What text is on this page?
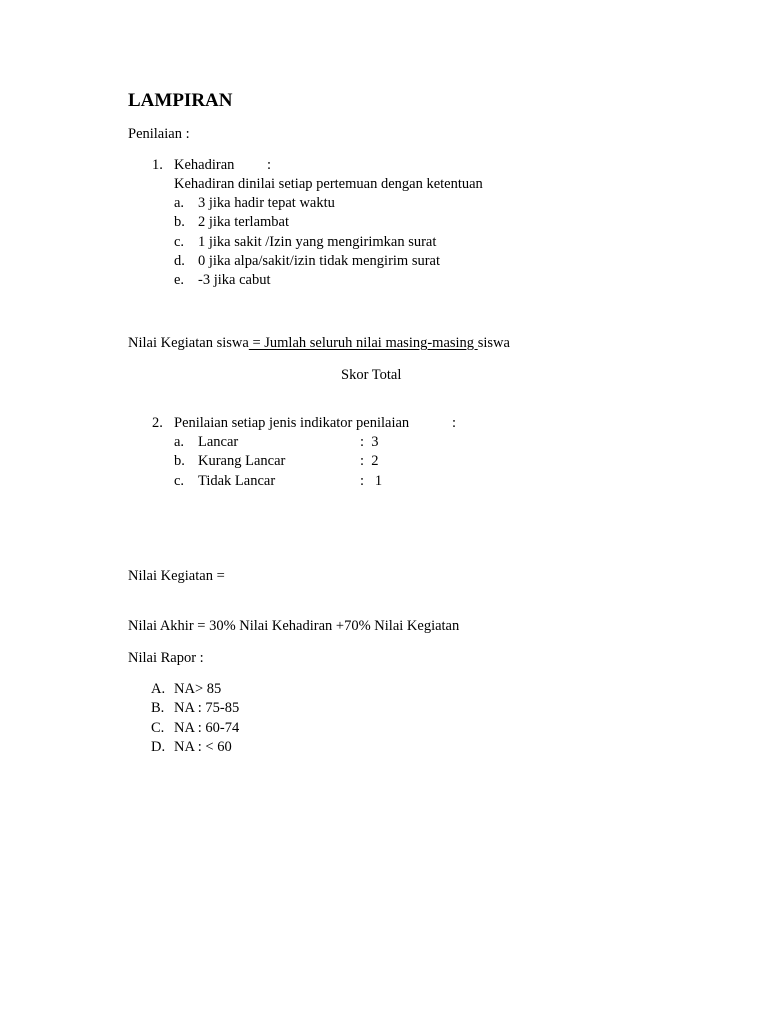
LAMPIRAN
Penilaian :
1. Kehadiran :
Kehadiran dinilai setiap pertemuan dengan ketentuan
a. 3 jika hadir tepat waktu
b. 2 jika terlambat
c. 1 jika sakit /Izin yang mengirimkan surat
d. 0 jika alpa/sakit/izin tidak mengirim surat
e. -3 jika cabut
Nilai Kegiatan siswa = Jumlah seluruh nilai masing-masing siswa
Skor Total
2. Penilaian setiap jenis indikator penilaian	:
a. Lancar	:  3
b. Kurang Lancar	:  2
c. Tidak Lancar	:   1
Nilai Kegiatan =
Nilai Akhir = 30% Nilai Kehadiran +70% Nilai Kegiatan
Nilai Rapor :
A. NA> 85
B. NA : 75-85
C. NA : 60-74
D. NA : < 60
